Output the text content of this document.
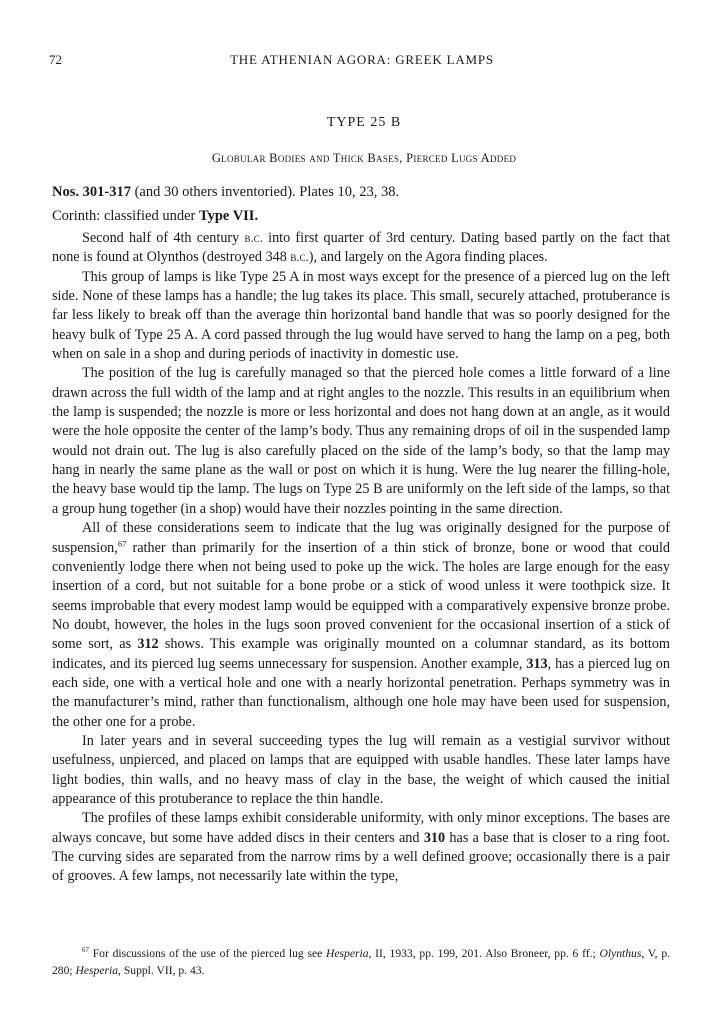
72	THE ATHENIAN AGORA: GREEK LAMPS
TYPE 25 B
Globular Bodies and Thick Bases, Pierced Lugs Added
Nos. 301-317 (and 30 others inventoried). Plates 10, 23, 38.
Corinth: classified under Type VII.

Second half of 4th century b.c. into first quarter of 3rd century. Dating based partly on the fact that none is found at Olynthos (destroyed 348 b.c.), and largely on the Agora finding places.

This group of lamps is like Type 25 A in most ways except for the presence of a pierced lug on the left side. None of these lamps has a handle; the lug takes its place. This small, securely attached, protuberance is far less likely to break off than the average thin horizontal band handle that was so poorly designed for the heavy bulk of Type 25 A. A cord passed through the lug would have served to hang the lamp on a peg, both when on sale in a shop and during periods of inactivity in domestic use.

The position of the lug is carefully managed so that the pierced hole comes a little forward of a line drawn across the full width of the lamp and at right angles to the nozzle. This results in an equilibrium when the lamp is suspended; the nozzle is more or less horizontal and does not hang down at an angle, as it would were the hole opposite the center of the lamp’s body. Thus any remaining drops of oil in the suspended lamp would not drain out. The lug is also carefully placed on the side of the lamp’s body, so that the lamp may hang in nearly the same plane as the wall or post on which it is hung. Were the lug nearer the filling-hole, the heavy base would tip the lamp. The lugs on Type 25 B are uniformly on the left side of the lamps, so that a group hung together (in a shop) would have their nozzles pointing in the same direction.

All of these considerations seem to indicate that the lug was originally designed for the purpose of suspension,$^{67}$ rather than primarily for the insertion of a thin stick of bronze, bone or wood that could conveniently lodge there when not being used to poke up the wick. The holes are large enough for the easy insertion of a cord, but not suitable for a bone probe or a stick of wood unless it were toothpick size. It seems improbable that every modest lamp would be equipped with a comparatively expensive bronze probe. No doubt, however, the holes in the lugs soon proved convenient for the occasional insertion of a stick of some sort, as 312 shows. This example was originally mounted on a columnar standard, as its bottom indicates, and its pierced lug seems unnecessary for suspension. Another example, 313, has a pierced lug on each side, one with a vertical hole and one with a nearly horizontal penetration. Perhaps symmetry was in the manufacturer’s mind, rather than functionalism, although one hole may have been used for suspension, the other one for a probe.

In later years and in several succeeding types the lug will remain as a vestigial survivor without usefulness, unpierced, and placed on lamps that are equipped with usable handles. These later lamps have light bodies, thin walls, and no heavy mass of clay in the base, the weight of which caused the initial appearance of this protuberance to replace the thin handle.

The profiles of these lamps exhibit considerable uniformity, with only minor exceptions. The bases are always concave, but some have added discs in their centers and 310 has a base that is closer to a ring foot. The curving sides are separated from the narrow rims by a well defined groove; occasionally there is a pair of grooves. A few lamps, not necessarily late within the type,

$^{67}$ For discussions of the use of the pierced lug see Hesperia, II, 1933, pp. 199, 201. Also Broneer, pp. 6 ff.; Olynthus, V, p. 280; Hesperia, Suppl. VII, p. 43.
